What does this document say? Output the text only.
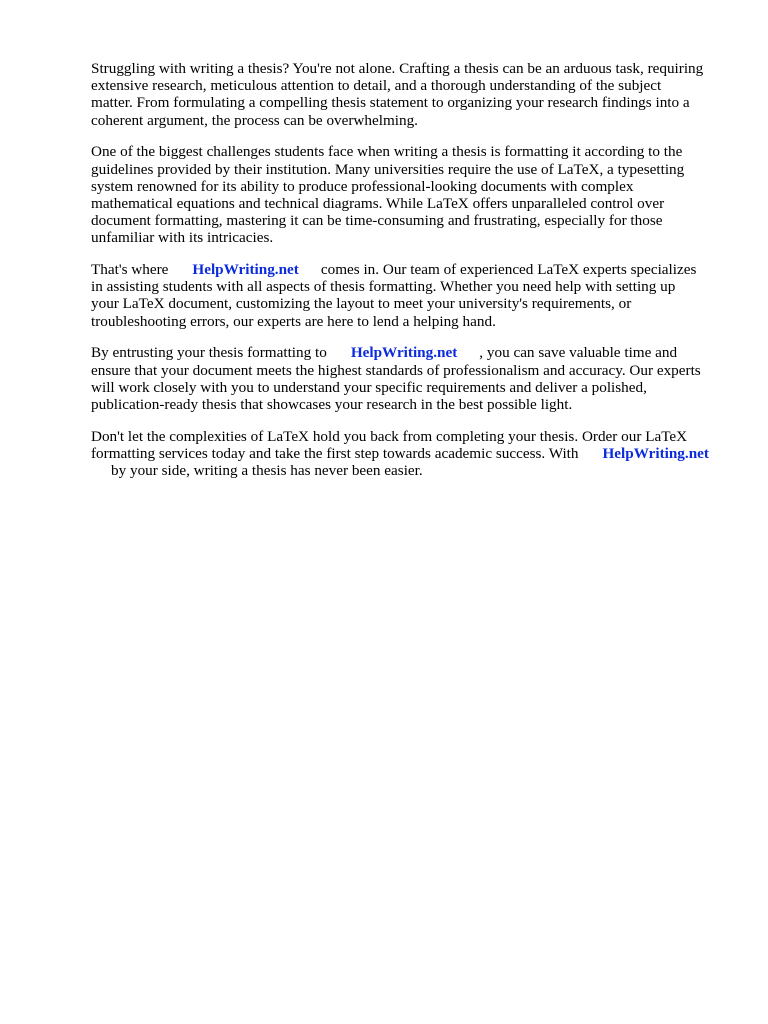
Struggling with writing a thesis? You're not alone. Crafting a thesis can be an arduous task, requiring
extensive research, meticulous attention to detail, and a thorough understanding of the subject
matter. From formulating a compelling thesis statement to organizing your research findings into a
coherent argument, the process can be overwhelming.
One of the biggest challenges students face when writing a thesis is formatting it according to the
guidelines provided by their institution. Many universities require the use of LaTeX, a typesetting
system renowned for its ability to produce professional-looking documents with complex
mathematical equations and technical diagrams. While LaTeX offers unparalleled control over
document formatting, mastering it can be time-consuming and frustrating, especially for those
unfamiliar with its intricacies.
That's where HelpWriting.net comes in. Our team of experienced LaTeX experts specializes
in assisting students with all aspects of thesis formatting. Whether you need help with setting up
your LaTeX document, customizing the layout to meet your university's requirements, or
troubleshooting errors, our experts are here to lend a helping hand.
By entrusting your thesis formatting to HelpWriting.net , you can save valuable time and
ensure that your document meets the highest standards of professionalism and accuracy. Our experts
will work closely with you to understand your specific requirements and deliver a polished,
publication-ready thesis that showcases your research in the best possible light.
Don't let the complexities of LaTeX hold you back from completing your thesis. Order our LaTeX
formatting services today and take the first step towards academic success. With HelpWriting.net
by your side, writing a thesis has never been easier.
